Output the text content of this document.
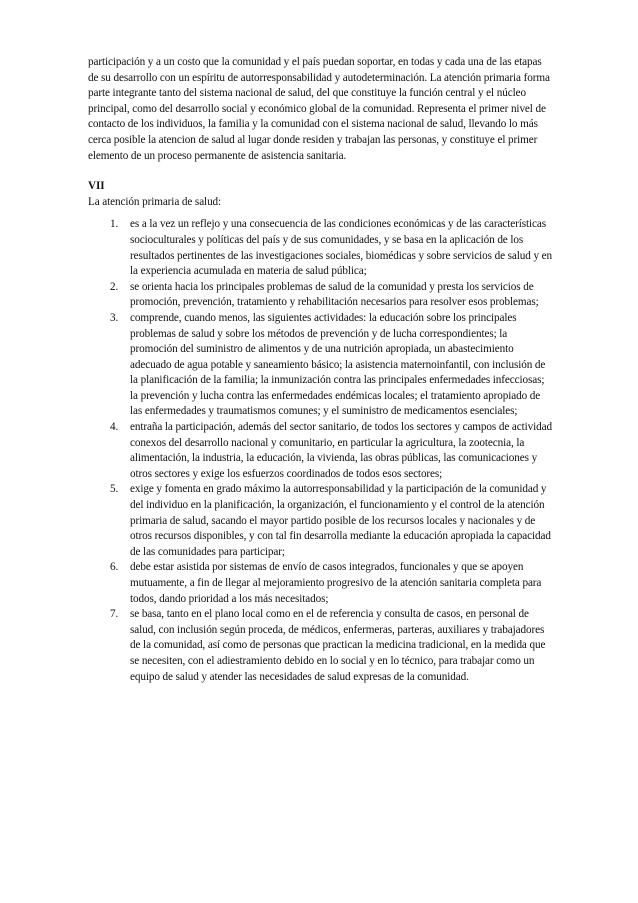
participación y a un costo que la comunidad y el país puedan soportar, en todas y cada una de las etapas de su desarrollo con un espíritu de autorresponsabilidad y autodeterminación. La atención primaria forma parte integrante tanto del sistema nacional de salud, del que constituye la función central y el núcleo principal, como del desarrollo social y económico global de la comunidad. Representa el primer nivel de contacto de los individuos, la familia y la comunidad con el sistema nacional de salud, llevando lo más cerca posible la atencion de salud al lugar donde residen y trabajan las personas, y constituye el primer elemento de un proceso permanente de asistencia sanitaria.

VII
La atención primaria de salud:
1. es a la vez un reflejo y una consecuencia de las condiciones económicas y de las características socioculturales y políticas del país y de sus comunidades, y se basa en la aplicación de los resultados pertinentes de las investigaciones sociales, biomédicas y sobre servicios de salud y en la experiencia acumulada en materia de salud pública;
2. se orienta hacia los principales problemas de salud de la comunidad y presta los servicios de promoción, prevención, tratamiento y rehabilitación necesarios para resolver esos problemas;
3. comprende, cuando menos, las siguientes actividades: la educación sobre los principales problemas de salud y sobre los métodos de prevención y de lucha correspondientes; la promoción del suministro de alimentos y de una nutrición apropiada, un abastecimiento adecuado de agua potable y saneamiento básico; la asistencia maternoinfantil, con inclusión de la planificación de la familia; la inmunización contra las principales enfermedades infecciosas; la prevención y lucha contra las enfermedades endémicas locales; el tratamiento apropiado de las enfermedades y traumatismos comunes; y el suministro de medicamentos esenciales;
4. entraña la participación, además del sector sanitario, de todos los sectores y campos de actividad conexos del desarrollo nacional y comunitario, en particular la agricultura, la zootecnia, la alimentación, la industria, la educación, la vivienda, las obras públicas, las comunicaciones y otros sectores y exige los esfuerzos coordinados de todos esos sectores;
5. exige y fomenta en grado máximo la autorresponsabilidad y la participación de la comunidad y del individuo en la planificación, la organización, el funcionamiento y el control de la atención primaria de salud, sacando el mayor partido posible de los recursos locales y nacionales y de otros recursos disponibles, y con tal fin desarrolla mediante la educación apropiada la capacidad de las comunidades para participar;
6. debe estar asistida por sistemas de envío de casos integrados, funcionales y que se apoyen mutuamente, a fin de llegar al mejoramiento progresivo de la atención sanitaria completa para todos, dando prioridad a los más necesitados;
7. se basa, tanto en el plano local como en el de referencia y consulta de casos, en personal de salud, con inclusión según proceda, de médicos, enfermeras, parteras, auxiliares y trabajadores de la comunidad, así como de personas que practican la medicina tradicional, en la medida que se necesiten, con el adiestramiento debido en lo social y en lo técnico, para trabajar como un equipo de salud y atender las necesidades de salud expresas de la comunidad.
